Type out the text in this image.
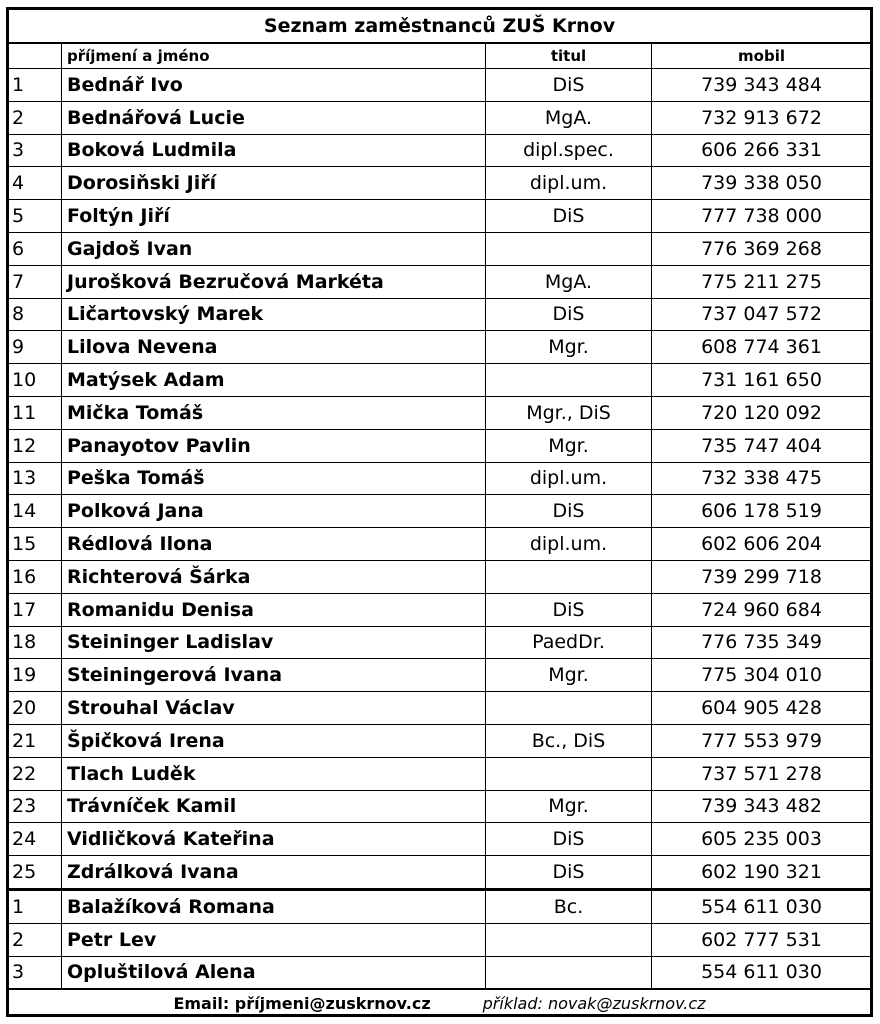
Seznam zaměstnanců ZUŠ Krnov			
	příjmení a jméno	titul	mobil
1	Bednář Ivo	DiS	739 343 484
2	Bednářová Lucie	MgA.	732 913 672
3	Boková Ludmila	dipl.spec.	606 266 331
4	Dorosiňski Jiří	dipl.um.	739 338 050
5	Foltýn Jiří	DiS	777 738 000
6	Gajdoš Ivan		776 369 268
7	Jurošková Bezručová Markéta	MgA.	775 211 275
8	Ličartovský Marek	DiS	737 047 572
9	Lilova Nevena	Mgr.	608 774 361
10	Matýsek Adam		731 161 650
11	Mička Tomáš	Mgr., DiS	720 120 092
12	Panayotov Pavlin	Mgr.	735 747 404
13	Peška Tomáš	dipl.um.	732 338 475
14	Polková Jana	DiS	606 178 519
15	Rédlová Ilona	dipl.um.	602 606 204
16	Richterová Šárka		739 299 718
17	Romanidu Denisa	DiS	724 960 684
18	Steininger Ladislav	PaedDr.	776 735 349
19	Steiningerová Ivana	Mgr.	775 304 010
20	Strouhal Václav		604 905 428
21	Špičková Irena	Bc., DiS	777 553 979
22	Tlach Luděk		737 571 278
23	Trávníček Kamil	Mgr.	739 343 482
24	Vidličková Kateřina	DiS	605 235 003
25	Zdrálková Ivana	DiS	602 190 321
1	Balažíková Romana	Bc.	554 611 030
2	Petr Lev		602 777 531
3	Opluštilová Alena		554 611 030

Email: příjmeni@zuskrnov.cz příklad: novak@zuskrnov.cz			
